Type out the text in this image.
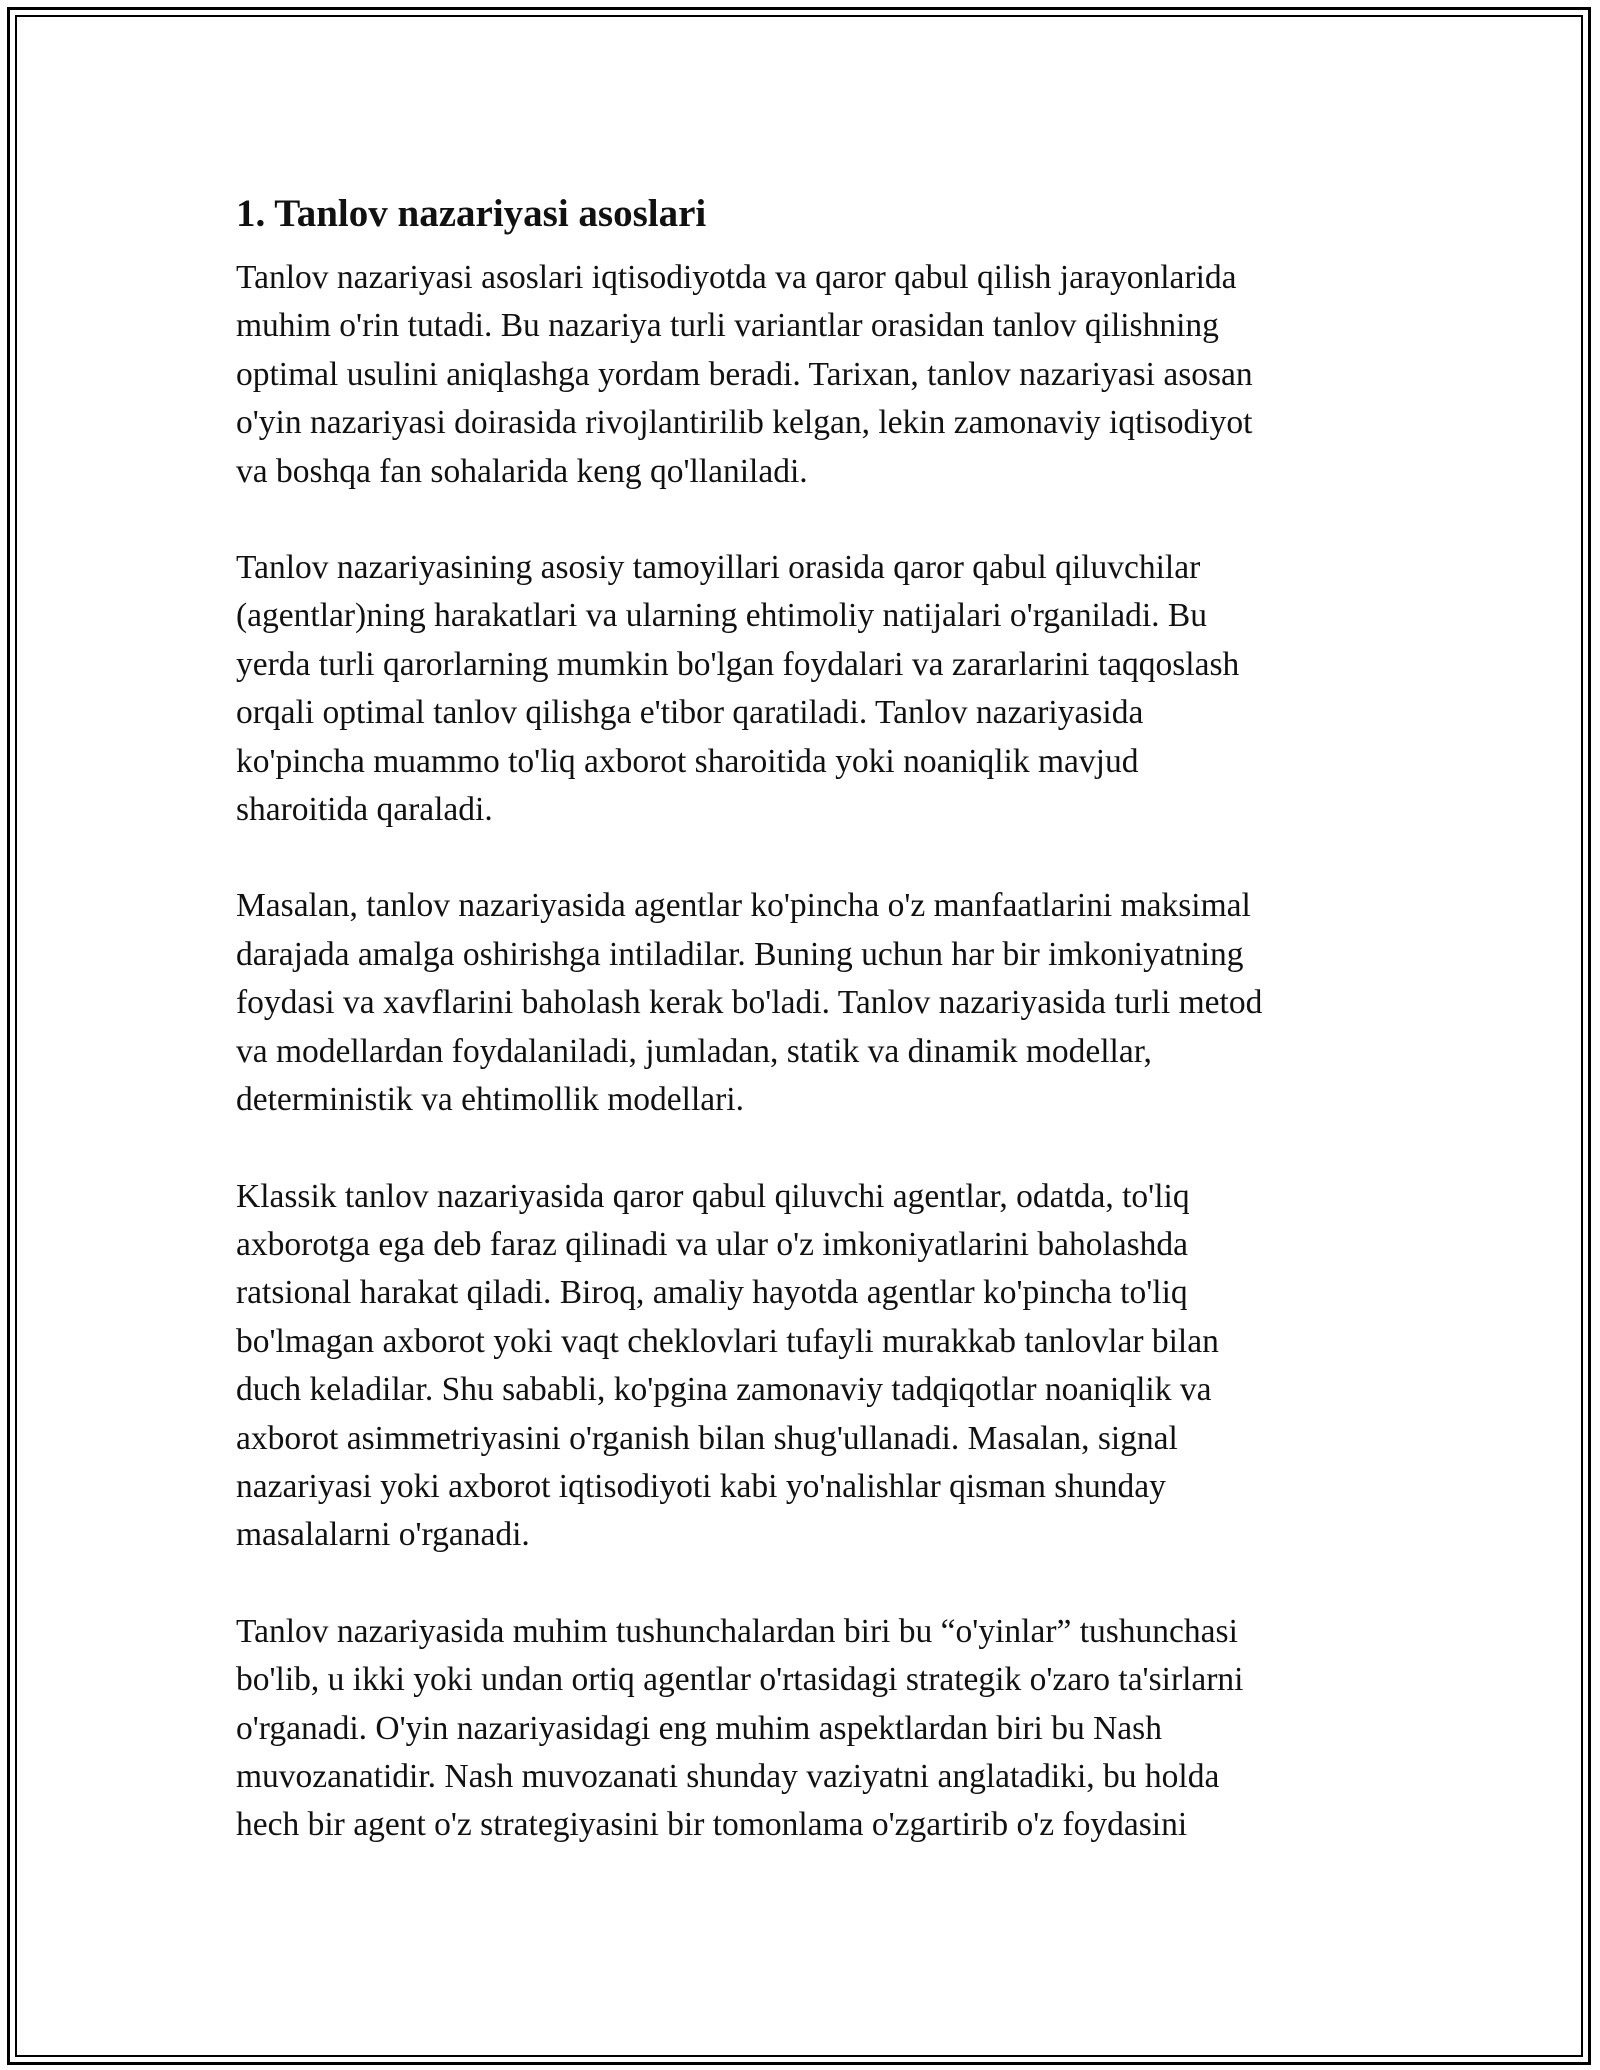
1. Tanlov nazariyasi asoslari

Tanlov nazariyasi asoslari iqtisodiyotda va qaror qabul qilish jarayonlarida
muhim o'rin tutadi. Bu nazariya turli variantlar orasidan tanlov qilishning
optimal usulini aniqlashga yordam beradi. Tarixan, tanlov nazariyasi asosan
o'yin nazariyasi doirasida rivojlantirilib kelgan, lekin zamonaviy iqtisodiyot
va boshqa fan sohalarida keng qo'llaniladi.

Tanlov nazariyasining asosiy tamoyillari orasida qaror qabul qiluvchilar
(agentlar)ning harakatlari va ularning ehtimoliy natijalari o'rganiladi. Bu
yerda turli qarorlarning mumkin bo'lgan foydalari va zararlarini taqqoslash
orqali optimal tanlov qilishga e'tibor qaratiladi. Tanlov nazariyasida
ko'pincha muammo to'liq axborot sharoitida yoki noaniqlik mavjud
sharoitida qaraladi.

Masalan, tanlov nazariyasida agentlar ko'pincha o'z manfaatlarini maksimal
darajada amalga oshirishga intiladilar. Buning uchun har bir imkoniyatning
foydasi va xavflarini baholash kerak bo'ladi. Tanlov nazariyasida turli metod
va modellardan foydalaniladi, jumladan, statik va dinamik modellar,
deterministik va ehtimollik modellari.

Klassik tanlov nazariyasida qaror qabul qiluvchi agentlar, odatda, to'liq
axborotga ega deb faraz qilinadi va ular o'z imkoniyatlarini baholashda
ratsional harakat qiladi. Biroq, amaliy hayotda agentlar ko'pincha to'liq
bo'lmagan axborot yoki vaqt cheklovlari tufayli murakkab tanlovlar bilan
duch keladilar. Shu sababli, ko'pgina zamonaviy tadqiqotlar noaniqlik va
axborot asimmetriyasini o'rganish bilan shug'ullanadi. Masalan, signal
nazariyasi yoki axborot iqtisodiyoti kabi yo'nalishlar qisman shunday
masalalarni o'rganadi.

Tanlov nazariyasida muhim tushunchalardan biri bu “o'yinlar” tushunchasi
bo'lib, u ikki yoki undan ortiq agentlar o'rtasidagi strategik o'zaro ta'sirlarni
o'rganadi. O'yin nazariyasidagi eng muhim aspektlardan biri bu Nash
muvozanatidir. Nash muvozanati shunday vaziyatni anglatadiki, bu holda
hech bir agent o'z strategiyasini bir tomonlama o'zgartirib o'z foydasini
